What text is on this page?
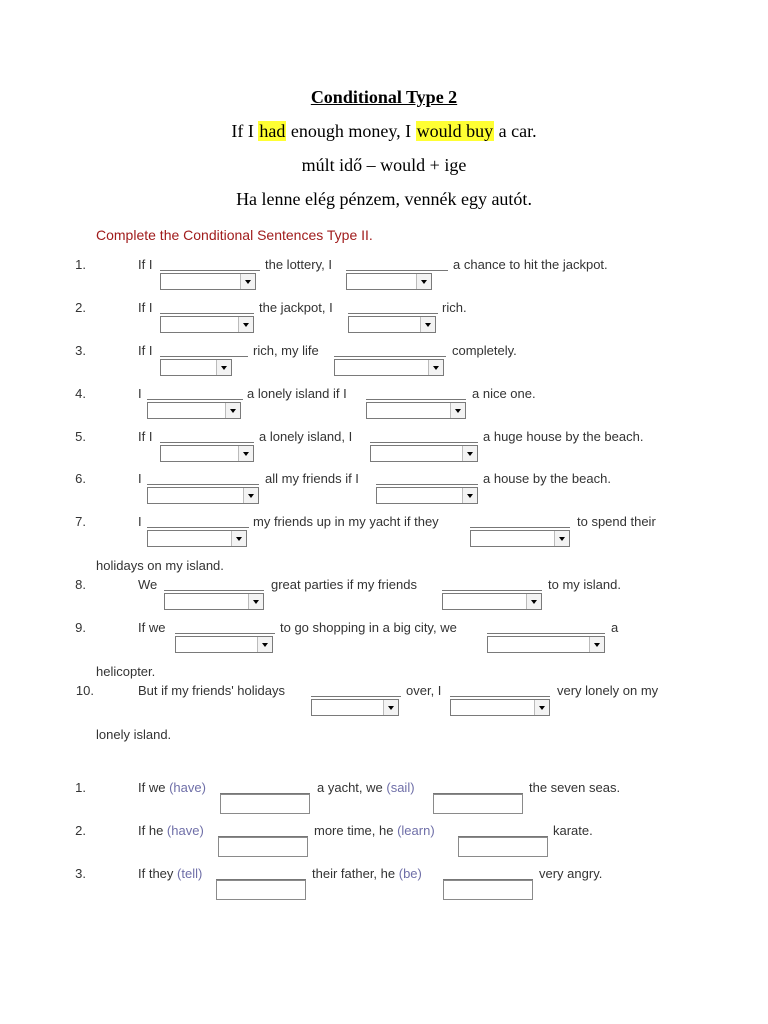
Conditional Type 2
If I had enough money, I would buy a car.
múlt idő – would + ige
Ha lenne elég pénzem, vennék egy autót.
Complete the Conditional Sentences Type II.
1.	If I	the lottery, I	a chance to hit the jackpot.
2.	If I	the jackpot, I	rich.
3.	If I	rich, my life	completely.
4.	I	a lonely island if I	a nice one.
5.	If I	a lonely island, I	a huge house by the beach.
6.	I	all my friends if I	a house by the beach.
7.	I	my friends up in my yacht if they	to spend their
holidays on my island.
8.	We	great parties if my friends	to my island.
9.	If we	to go shopping in a big city, we	a
helicopter.
10.	But if my friends' holidays	over, I	very lonely on my
lonely island.
1.	If we (have)	a yacht, we (sail)	the seven seas.
2.	If he (have)	more time, he (learn)	karate.
3.	If they (tell)	their father, he (be)	very angry.
